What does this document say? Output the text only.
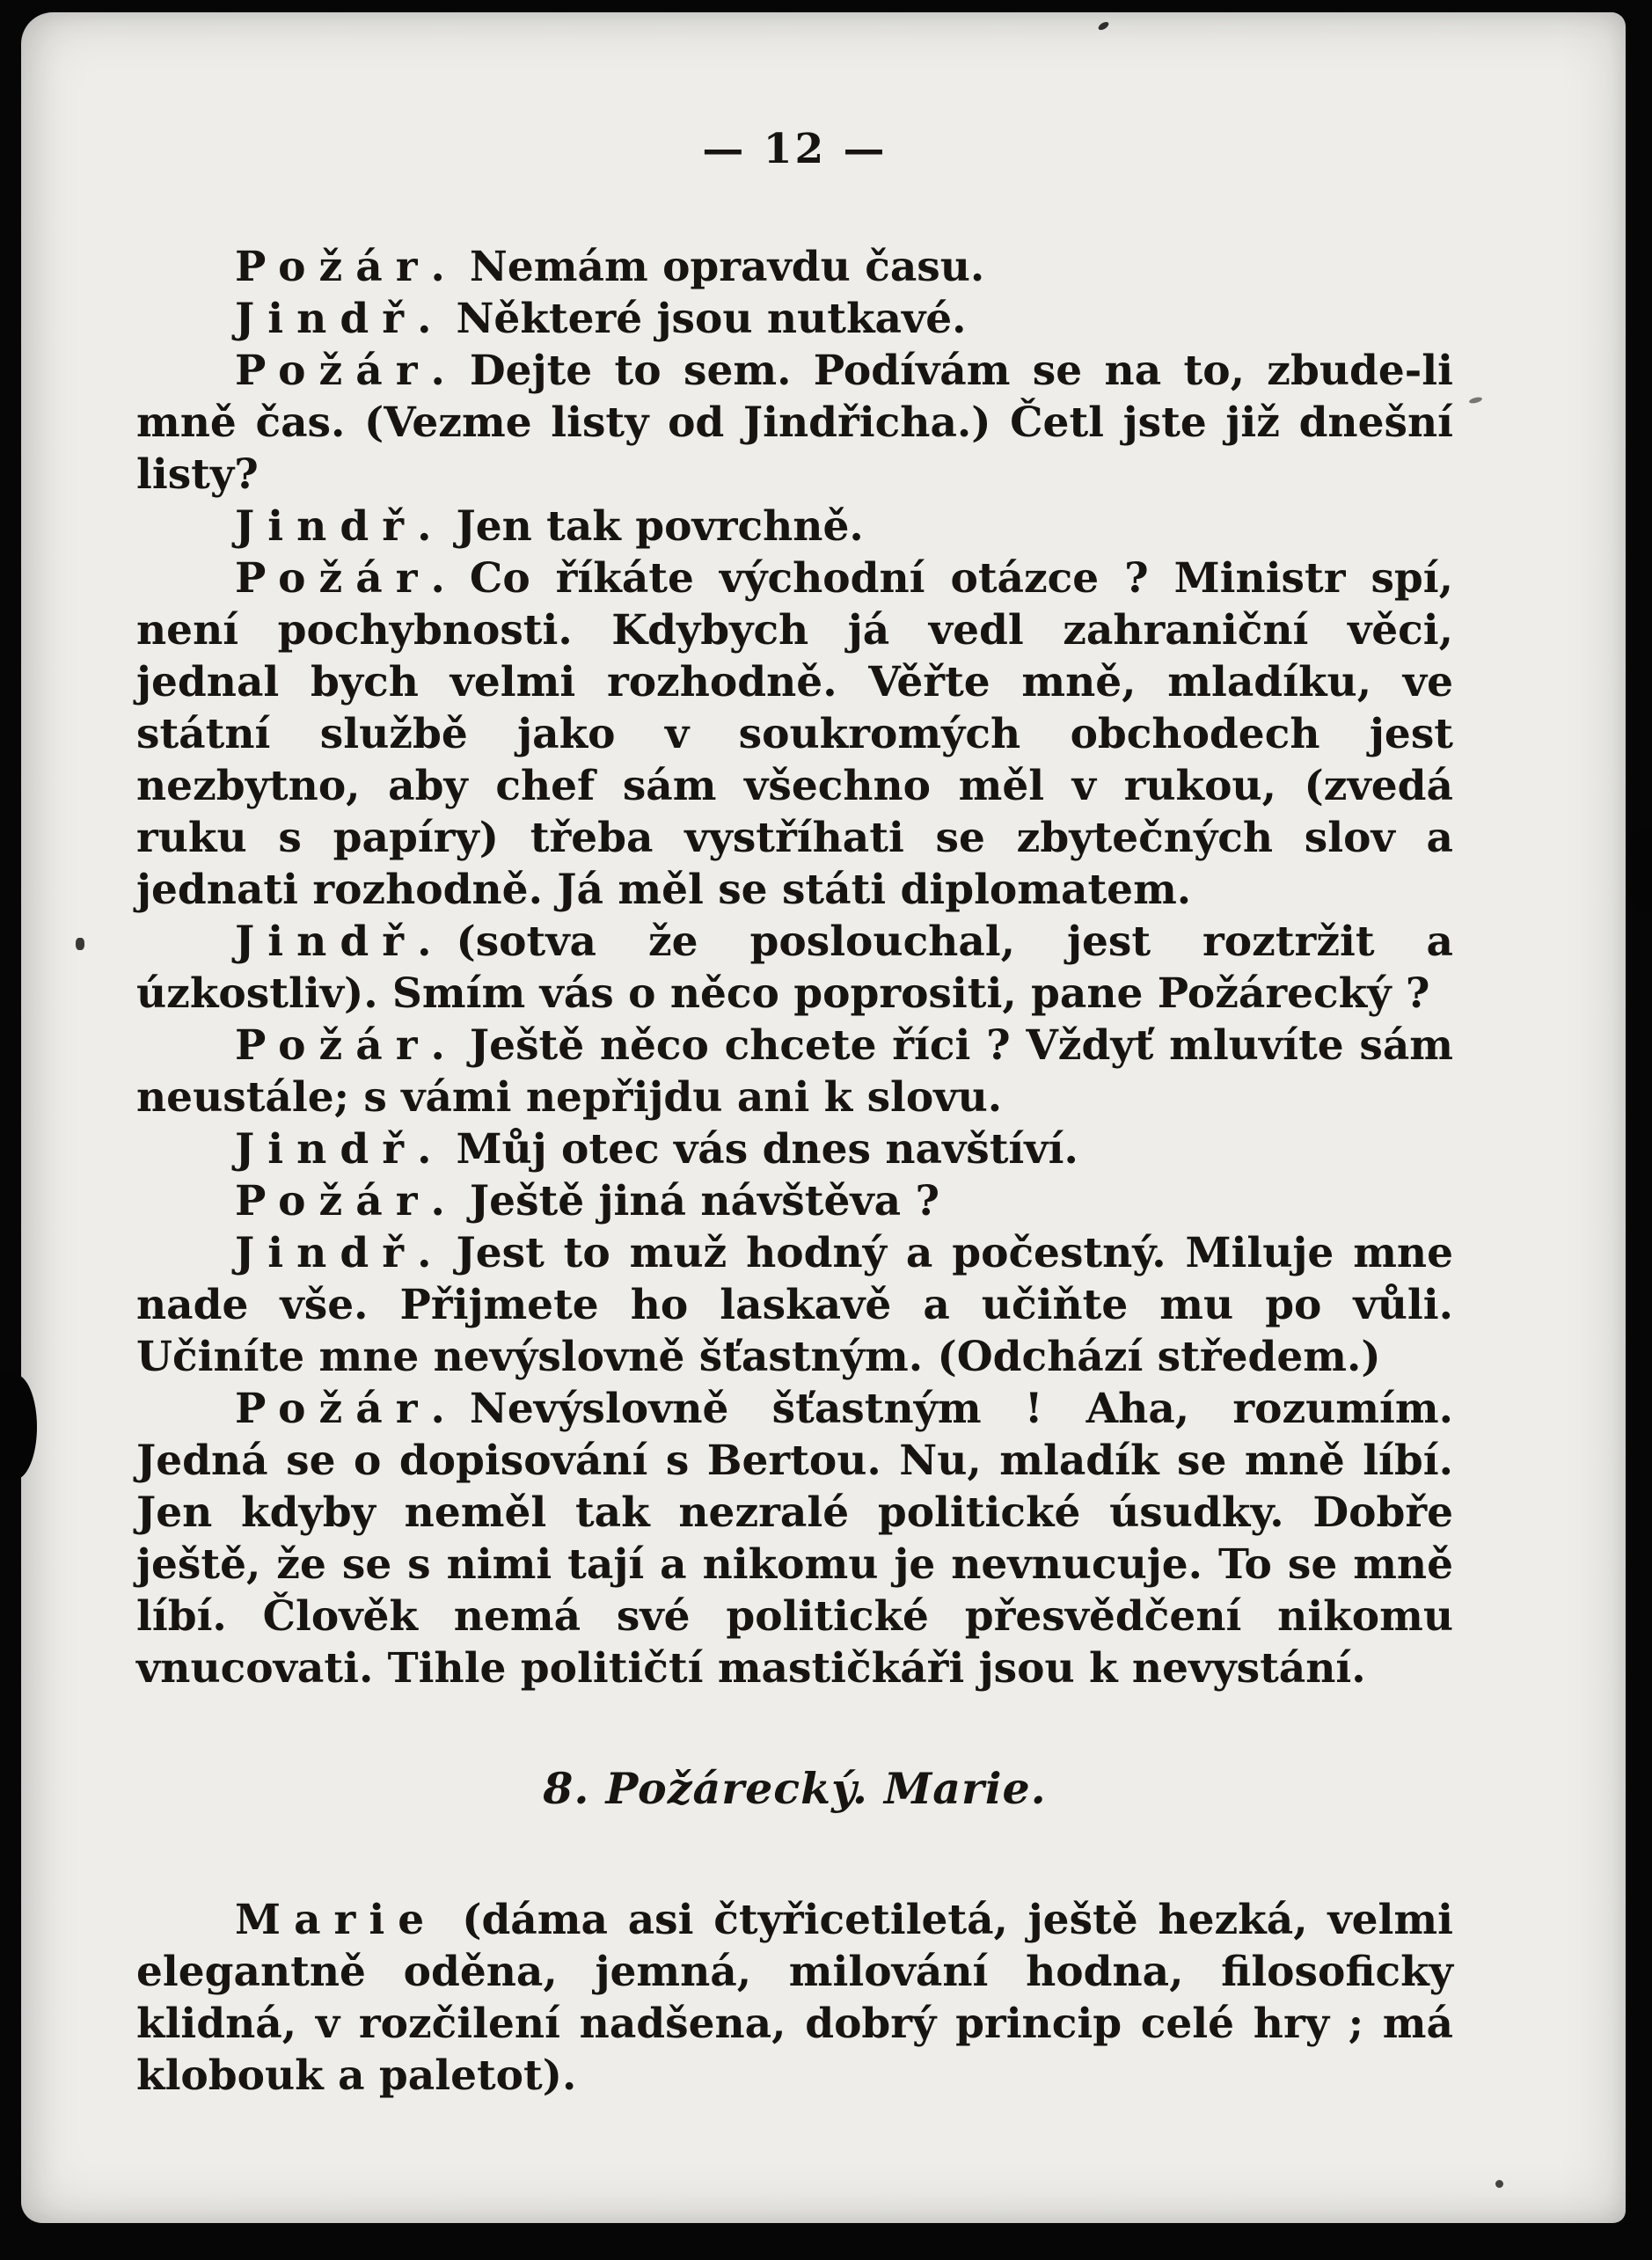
— 12 —

Požár. Nemám opravdu času.

Jindř. Některé jsou nutkavé.

Požár. Dejte to sem. Podívám se na to, zbude-li mně čas. (Vezme listy od Jindřicha.) Četl jste již dnešní listy?

Jindř. Jen tak povrchně.

Požár. Co říkáte východní otázce ? Ministr spí, není pochybnosti. Kdybych já vedl zahraniční věci, jednal bych velmi rozhodně. Věřte mně, mladíku, ve státní službě jako v soukromých obchodech jest nezbytno, aby chef sám všechno měl v rukou, (zvedá ruku s papíry) třeba vystříhati se zbytečných slov a jednati rozhodně. Já měl se státi diplomatem.

Jindř. (sotva že poslouchal, jest roztržit a úzkostliv). Smím vás o něco poprositi, pane Požárecký ?

Požár. Ještě něco chcete říci ? Vždyť mluvíte sám neustále; s vámi nepřijdu ani k slovu.

Jindř. Můj otec vás dnes navštíví.

Požár. Ještě jiná návštěva ?

Jindř. Jest to muž hodný a počestný. Miluje mne nade vše. Přijmete ho laskavě a učiňte mu po vůli. Učiníte mne nevýslovně šťastným. (Odchází středem.)

Požár. Nevýslovně šťastným ! Aha, rozumím. Jedná se o dopisování s Bertou. Nu, mladík se mně líbí. Jen kdyby neměl tak nezralé politické úsudky. Dobře ještě, že se s nimi tají a nikomu je nevnucuje. To se mně líbí. Člověk nemá své politické přesvědčení nikomu vnucovati. Tihle političtí mastičkáři jsou k nevystání.

8. Požárecký. Marie.

Marie (dáma asi čtyřicetiletá, ještě hezká, velmi elegantně oděna, jemná, milování hodna, filosoficky klidná, v rozčilení nadšena, dobrý princip celé hry ; má klobouk a paletot).
